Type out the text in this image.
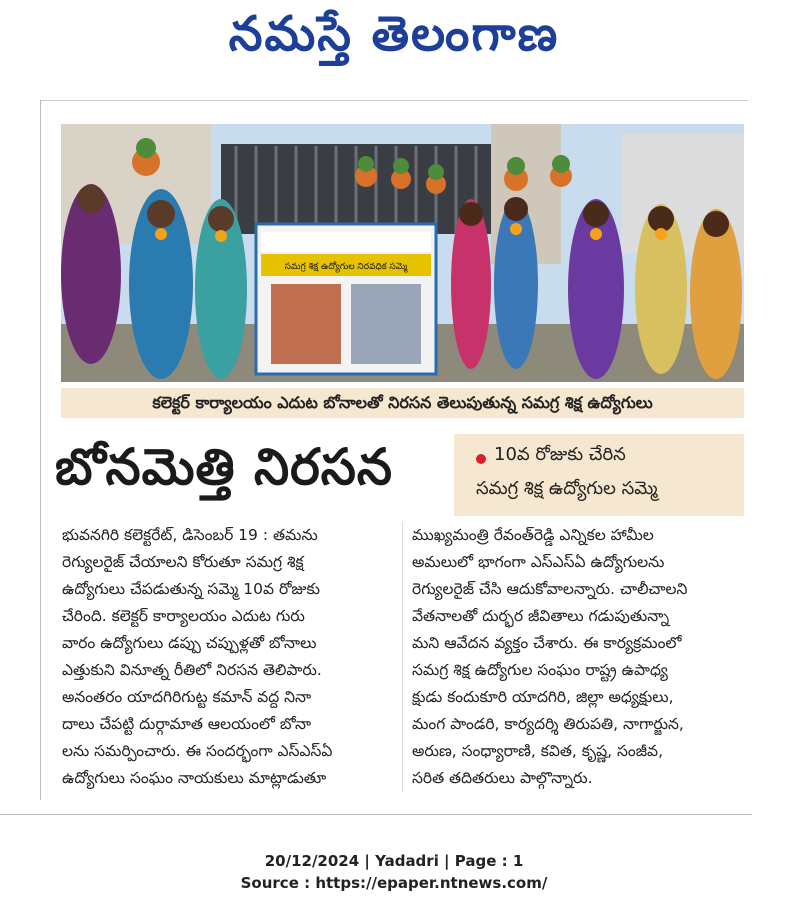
నమస్తే తెలంగాణ
సమగ్ర శిక్ష ఉద్యోగుల నిరవధిక సమ్మె
కలెక్టర్ కార్యాలయం ఎదుట బోనాలతో నిరసన తెలుపుతున్న సమగ్ర శిక్ష ఉద్యోగులు
బోనమెత్తి నిరసన	10వ రోజుకు చేరిన
సమగ్ర శిక్ష ఉద్యోగుల సమ్మె

భువనగిరి కలెక్టరేట్, డిసెంబర్ 19 : తమను

రెగ్యులరైజ్ చేయాలని కోరుతూ సమగ్ర శిక్ష

ఉద్యోగులు చేపడుతున్న సమ్మె 10వ రోజుకు

చేరింది. కలెక్టర్ కార్యాలయం ఎదుట గురు

వారం ఉద్యోగులు డప్పు చప్పుళ్లతో బోనాలు

ఎత్తుకుని వినూత్న రీతిలో నిరసన తెలిపారు.

అనంతరం యాదగిరిగుట్ట కమాన్ వద్ద నినా

దాలు చేపట్టి దుర్గామాత ఆలయంలో బోనా

లను సమర్పించారు. ఈ సందర్భంగా ఎస్ఎస్ఏ

ఉద్యోగులు సంఘం నాయకులు మాట్లాడుతూ

ముఖ్యమంత్రి రేవంత్‌రెడ్డి ఎన్నికల హామీల

అమలులో భాగంగా ఎస్ఎస్ఏ ఉద్యోగులను

రెగ్యులరైజ్ చేసి ఆదుకోవాలన్నారు. చాలీచాలని

వేతనాలతో దుర్భర జీవితాలు గడుపుతున్నా

మని ఆవేదన వ్యక్తం చేశారు. ఈ కార్యక్రమంలో

సమగ్ర శిక్ష ఉద్యోగుల సంఘం రాష్ట్ర ఉపాధ్య

క్షుడు కందుకూరి యాదగిరి, జిల్లా అధ్యక్షులు,

మంగ పాండరి, కార్యదర్శి తిరుపతి, నాగార్జున,

అరుణ, సంధ్యారాణి, కవిత, కృష్ణ, సంజీవ,

సరిత తదితరులు పాల్గొన్నారు.

20/12/2024 | Yadadri | Page : 1
Source : https://epaper.ntnews.com/
